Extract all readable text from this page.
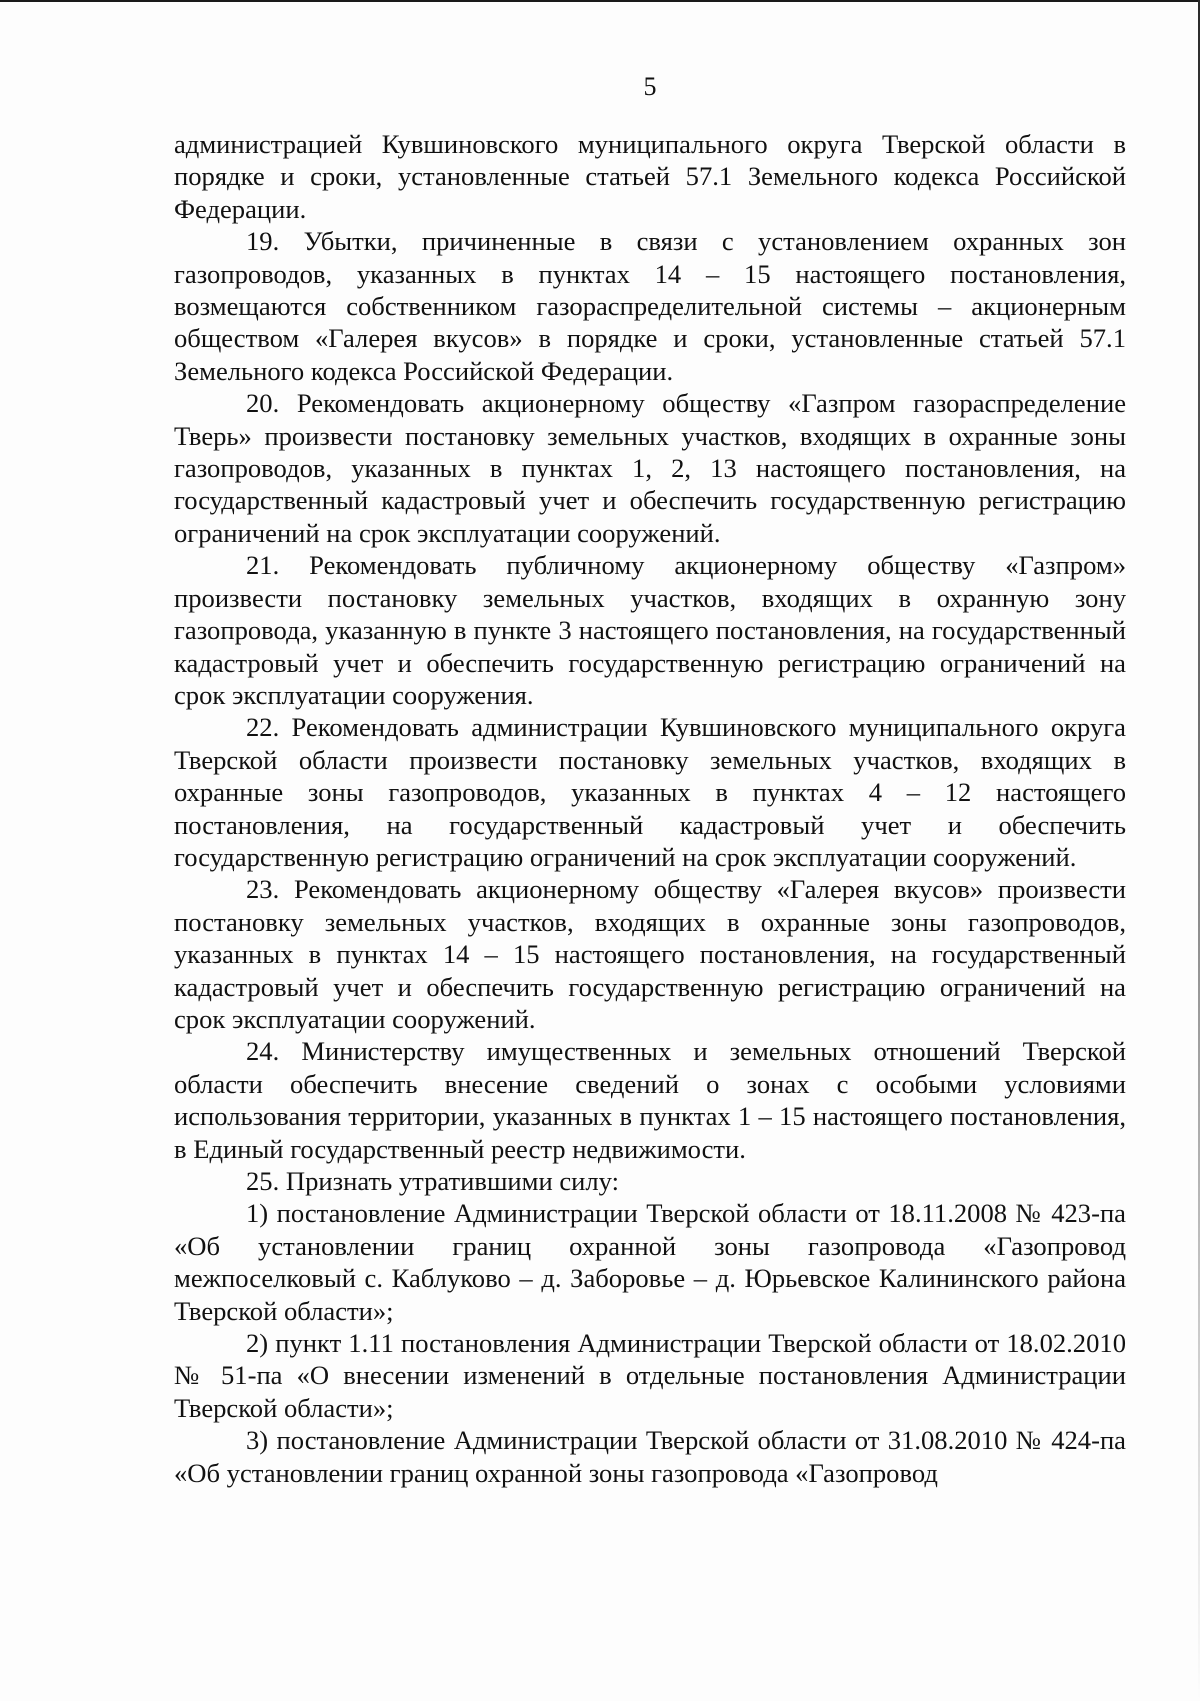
5

администрацией Кувшиновского муниципального округа Тверской области в порядке и сроки, установленные статьей 57.1 Земельного кодекса Российской Федерации.

19. Убытки, причиненные в связи с установлением охранных зон газопроводов, указанных в пунктах 14 – 15 настоящего постановления, возмещаются собственником газораспределительной системы – акционерным обществом «Галерея вкусов» в порядке и сроки, установленные статьей 57.1 Земельного кодекса Российской Федерации.

20. Рекомендовать акционерному обществу «Газпром газораспределение Тверь» произвести постановку земельных участков, входящих в охранные зоны газопроводов, указанных в пунктах 1, 2, 13 настоящего постановления, на государственный кадастровый учет и обеспечить государственную регистрацию ограничений на срок эксплуатации сооружений.

21. Рекомендовать публичному акционерному обществу «Газпром» произвести постановку земельных участков, входящих в охранную зону газопровода, указанную в пункте 3 настоящего постановления, на государственный кадастровый учет и обеспечить государственную регистрацию ограничений на срок эксплуатации сооружения.

22. Рекомендовать администрации Кувшиновского муниципального округа Тверской области произвести постановку земельных участков, входящих в охранные зоны газопроводов, указанных в пунктах 4 – 12 настоящего постановления, на государственный кадастровый учет и обеспечить государственную регистрацию ограничений на срок эксплуатации сооружений.

23. Рекомендовать акционерному обществу «Галерея вкусов» произвести постановку земельных участков, входящих в охранные зоны газопроводов, указанных в пунктах 14 – 15 настоящего постановления, на государственный кадастровый учет и обеспечить государственную регистрацию ограничений на срок эксплуатации сооружений.

24. Министерству имущественных и земельных отношений Тверской области обеспечить внесение сведений о зонах с особыми условиями использования территории, указанных в пунктах 1 – 15 настоящего постановления, в Единый государственный реестр недвижимости.

25. Признать утратившими силу:

1) постановление Администрации Тверской области от 18.11.2008 № 423-па «Об установлении границ охранной зоны газопровода «Газопровод межпоселковый с. Каблуково – д. Заборовье – д. Юрьевское Калининского района Тверской области»;

2) пункт 1.11 постановления Администрации Тверской области от 18.02.2010 № 51-па «О внесении изменений в отдельные постановления Администрации Тверской области»;

3) постановление Администрации Тверской области от 31.08.2010 № 424-па «Об установлении границ охранной зоны газопровода «Газопровод
